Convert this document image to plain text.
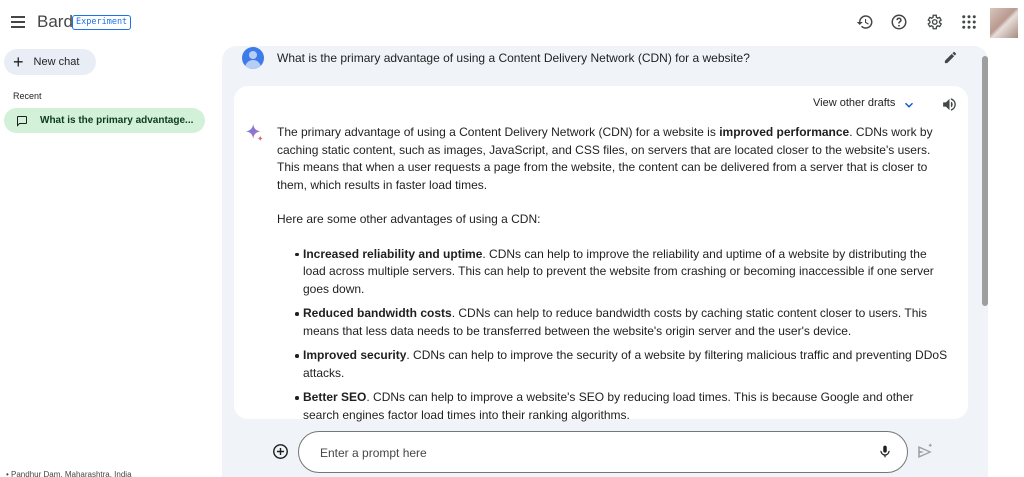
Bard Experiment
+ New chat
Recent
What is the primary advantage...
• Pandhur Dam, Maharashtra, India
What is the primary advantage of using a Content Delivery Network (CDN) for a website?
View other drafts

The primary advantage of using a Content Delivery Network (CDN) for a website is improved performance. CDNs work by caching static content, such as images, JavaScript, and CSS files, on servers that are located closer to the website's users. This means that when a user requests a page from the website, the content can be delivered from a server that is closer to them, which results in faster load times.

Here are some other advantages of using a CDN:

Increased reliability and uptime. CDNs can help to improve the reliability and uptime of a website by distributing the load across multiple servers. This can help to prevent the website from crashing or becoming inaccessible if one server goes down.
Reduced bandwidth costs. CDNs can help to reduce bandwidth costs by caching static content closer to users. This means that less data needs to be transferred between the website's origin server and the user's device.
Improved security. CDNs can help to improve the security of a website by filtering malicious traffic and preventing DDoS attacks.
Better SEO. CDNs can help to improve a website's SEO by reducing load times. This is because Google and other search engines factor load times into their ranking algorithms.
Enter a prompt here
